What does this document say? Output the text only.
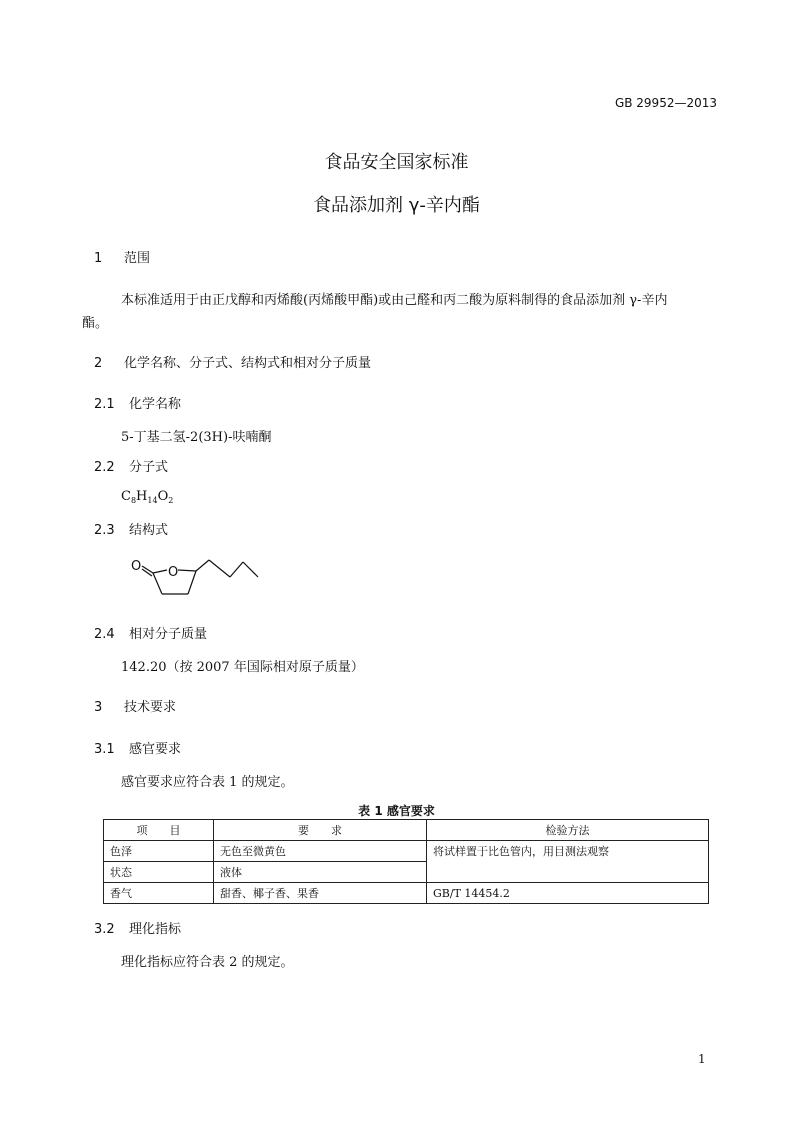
GB 29952—2013
食品安全国家标准
食品添加剂 γ-辛内酯
1 范围
本标准适用于由正戊醇和丙烯酸(丙烯酸甲酯)或由己醛和丙二酸为原料制得的食品添加剂 γ-辛内
酯。
2 化学名称、分子式、结构式和相对分子质量
2.1 化学名称
5-丁基二氢-2(3H)-呋喃酮
2.2 分子式
$C_8H_{14}O_2$
2.3 结构式
O O
2.4 相对分子质量
142.20（按 2007 年国际相对原子质量）
3 技术要求
3.1 感官要求
感官要求应符合表 1 的规定。
表 1 感官要求
项　　目	要　　求	检验方法
色泽	无色至微黄色	将试样置于比色管内，用目测法观察
状态	液体	
香气	甜香、椰子香、果香	GB/T 14454.2
3.2 理化指标
理化指标应符合表 2 的规定。
1
